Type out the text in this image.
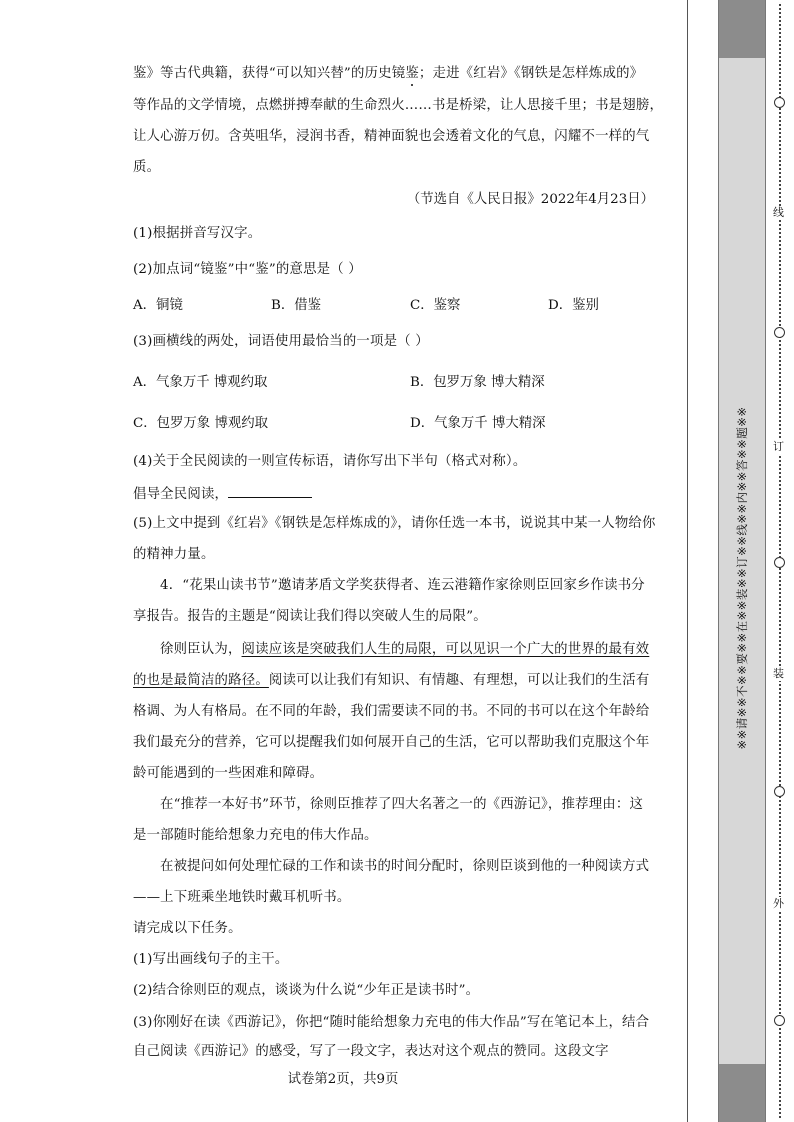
鉴》等古代典籍，获得“可以知兴替”的历史镜鉴；走进《红岩》《钢铁是怎样炼成的》
等作品的文学情境，点燃拼搏奉献的生命烈火……书是桥梁，让人思接千里；书是翅膀，
让人心游万仞。含英咀华，浸润书香，精神面貌也会透着文化的气息，闪耀不一样的气
质。
（节选自《人民日报》2022年4月23日）
(1)根据拼音写汉字。
(2)加点词“镜鉴”中“鉴”的意思是（ ）
A．铜镜	B．借鉴	C．鉴察	D．鉴别
(3)画横线的两处，词语使用最恰当的一项是（ ）
A．气象万千 博观约取	B．包罗万象 博大精深
C．包罗万象 博观约取	D．气象万千 博大精深
(4)关于全民阅读的一则宣传标语，请你写出下半句（格式对称）。
倡导全民阅读，
(5)上文中提到《红岩》《钢铁是怎样炼成的》，请你任选一本书，说说其中某一人物给你
的精神力量。
4．“花果山读书节”邀请茅盾文学奖获得者、连云港籍作家徐则臣回家乡作读书分
享报告。报告的主题是“阅读让我们得以突破人生的局限”。
徐则臣认为，阅读应该是突破我们人生的局限，可以见识一个广大的世界的最有效
的也是最简洁的路径。阅读可以让我们有知识、有情趣、有理想，可以让我们的生活有
格调、为人有格局。在不同的年龄，我们需要读不同的书。不同的书可以在这个年龄给
我们最充分的营养，它可以提醒我们如何展开自己的生活，它可以帮助我们克服这个年
龄可能遇到的一些困难和障碍。
在“推荐一本好书”环节，徐则臣推荐了四大名著之一的《西游记》，推荐理由：这
是一部随时能给想象力充电的伟大作品。
在被提问如何处理忙碌的工作和读书的时间分配时，徐则臣谈到他的一种阅读方式
——上下班乘坐地铁时戴耳机听书。
请完成以下任务。
(1)写出画线句子的主干。
(2)结合徐则臣的观点，谈谈为什么说“少年正是读书时”。
(3)你刚好在读《西游记》，你把“随时能给想象力充电的伟大作品”写在笔记本上，结合
自己阅读《西游记》的感受，写了一段文字，表达对这个观点的赞同。这段文字
试卷第2页，共9页
※※请※※不※※要※※在※※装※※订※※线※※内※※答※※题※※
线
订
装
外
